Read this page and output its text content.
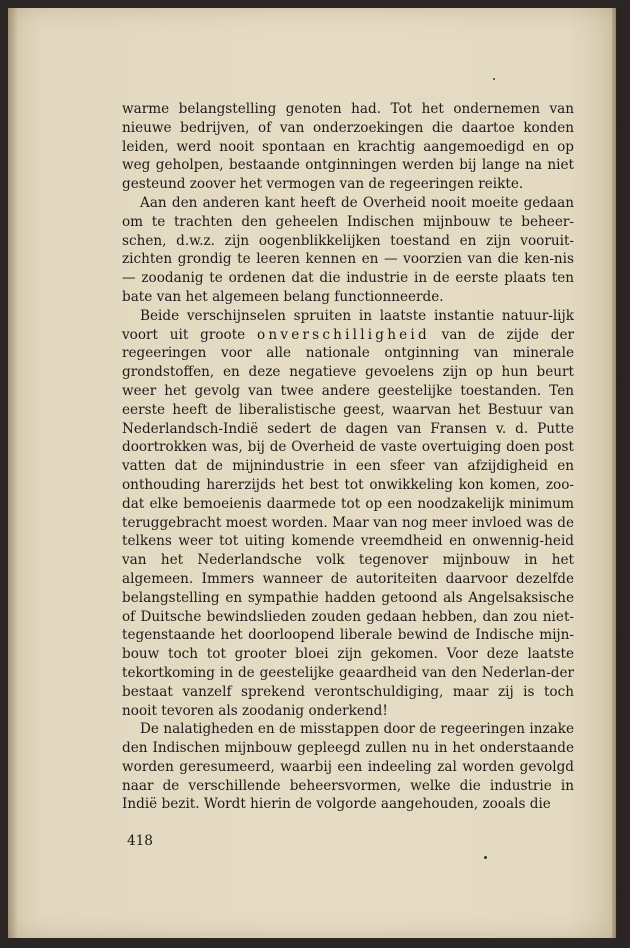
warme belangstelling genoten had. Tot het ondernemen van nieuwe bedrijven, of van onderzoekingen die daartoe konden leiden, werd nooit spontaan en krachtig aangemoedigd en op weg geholpen, bestaande ontginningen werden bij lange na niet gesteund zoover het vermogen van de regeeringen reikte.

Aan den anderen kant heeft de Overheid nooit moeite gedaan om te trachten den geheelen Indischen mijnbouw te beheer-schen, d.w.z. zijn oogenblikkelijken toestand en zijn vooruit-zichten grondig te leeren kennen en — voorzien van die ken-nis — zoodanig te ordenen dat die industrie in de eerste plaats ten bate van het algemeen belang functionneerde.

Beide verschijnselen spruiten in laatste instantie natuur-lijk voort uit groote onverschilligheid van de zijde der regeeringen voor alle nationale ontginning van minerale grondstoffen, en deze negatieve gevoelens zijn op hun beurt weer het gevolg van twee andere geestelijke toestanden. Ten eerste heeft de liberalistische geest, waarvan het Bestuur van Nederlandsch-Indië sedert de dagen van Fransen v. d. Putte doortrokken was, bij de Overheid de vaste overtuiging doen post vatten dat de mijnindustrie in een sfeer van afzijdigheid en onthouding harerzijds het best tot onwikkeling kon komen, zoo-dat elke bemoeienis daarmede tot op een noodzakelijk minimum teruggebracht moest worden. Maar van nog meer invloed was de telkens weer tot uiting komende vreemdheid en onwennig-heid van het Nederlandsche volk tegenover mijnbouw in het algemeen. Immers wanneer de autoriteiten daarvoor dezelfde belangstelling en sympathie hadden getoond als Angelsaksische of Duitsche bewindslieden zouden gedaan hebben, dan zou niet-tegenstaande het doorloopend liberale bewind de Indische mijn-bouw toch tot grooter bloei zijn gekomen. Voor deze laatste tekortkoming in de geestelijke geaardheid van den Nederlan-der bestaat vanzelf sprekend verontschuldiging, maar zij is toch nooit tevoren als zoodanig onderkend!

De nalatigheden en de misstappen door de regeeringen inzake den Indischen mijnbouw gepleegd zullen nu in het onderstaande worden geresumeerd, waarbij een indeeling zal worden gevolgd naar de verschillende beheersvormen, welke die industrie in Indië bezit. Wordt hierin de volgorde aangehouden, zooals die

418
